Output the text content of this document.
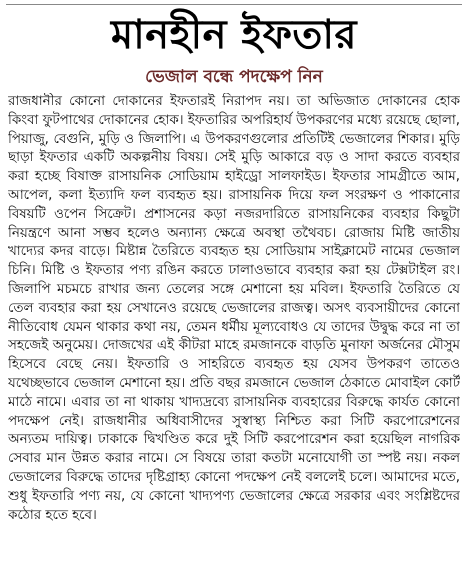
মানহীন ইফতার
ভেজাল বন্ধে পদক্ষেপ নিন
রাজধানীর কোনো দোকানের ইফতারই নিরাপদ নয়। তা অভিজাত দোকানের হোক কিংবা ফুটপাথের দোকানের হোক। ইফতারির অপরিহার্য উপকরণের মধ্যে রয়েছে ছোলা, পিয়াজু, বেগুনি, মুড়ি ও জিলাপি। এ উপকরণগুলোর প্রতিটিই ভেজালের শিকার। মুড়ি ছাড়া ইফতার একটি অকল্পনীয় বিষয়। সেই মুড়ি আকারে বড় ও সাদা করতে ব্যবহার করা হচ্ছে বিষাক্ত রাসায়নিক সোডিয়াম হাইড্রো সালফাইড। ইফতার সামগ্রীতে আম, আপেল, কলা ইত্যাদি ফল ব্যবহৃত হয়। রাসায়নিক দিয়ে ফল সংরক্ষণ ও পাকানোর বিষয়টি ওপেন সিক্রেট। প্রশাসনের কড়া নজরদারিতে রাসায়নিকের ব্যবহার কিছুটা নিয়ন্ত্রণে আনা সম্ভব হলেও অন্যান্য ক্ষেত্রে অবস্থা তথৈবচ। রোজায় মিষ্টি জাতীয় খাদ্যের কদর বাড়ে। মিষ্টান্ন তৈরিতে ব্যবহৃত হয় সোডিয়াম সাইক্লামেট নামের ভেজাল চিনি। মিষ্টি ও ইফতার পণ্য রঙিন করতে ঢালাওভাবে ব্যবহার করা হয় টেক্সটাইল রং। জিলাপি মচমচে রাখার জন্য তেলের সঙ্গে মেশানো হয় মবিল। ইফতারি তৈরিতে যে তেল ব্যবহার করা হয় সেখানেও রয়েছে ভেজালের রাজত্ব। অসৎ ব্যবসায়ীদের কোনো নীতিবোধ যেমন থাকার কথা নয়, তেমন ধর্মীয় মূল্যবোধও যে তাদের উদ্বুদ্ধ করে না তা সহজেই অনুমেয়। দোজখের এই কীটরা মাহে রমজানকে বাড়তি মুনাফা অর্জনের মৌসুম হিসেবে বেছে নেয়। ইফতারি ও সাহরিতে ব্যবহৃত হয় যেসব উপকরণ তাতেও যথেচ্ছভাবে ভেজাল মেশানো হয়। প্রতি বছর রমজানে ভেজাল ঠেকাতে মোবাইল কোর্ট মাঠে নামে। এবার তা না থাকায় খাদ্যদ্রব্যে রাসায়নিক ব্যবহারের বিরুদ্ধে কার্যত কোনো পদক্ষেপ নেই। রাজধানীর অধিবাসীদের সুস্বাস্থ্য নিশ্চিত করা সিটি করপোরেশনের অন্যতম দায়িত্ব। ঢাকাকে দ্বিখণ্ডিত করে দুই সিটি করপোরেশন করা হয়েছিল নাগরিক সেবার মান উন্নত করার নামে। সে বিষয়ে তারা কতটা মনোযোগী তা স্পষ্ট নয়। নকল ভেজালের বিরুদ্ধে তাদের দৃষ্টিগ্রাহ্য কোনো পদক্ষেপ নেই বললেই চলে। আমাদের মতে, শুধু ইফতারি পণ্য নয়, যে কোনো খাদ্যপণ্য ভেজালের ক্ষেত্রে সরকার এবং সংশ্লিষ্টদের কঠোর হতে হবে।
